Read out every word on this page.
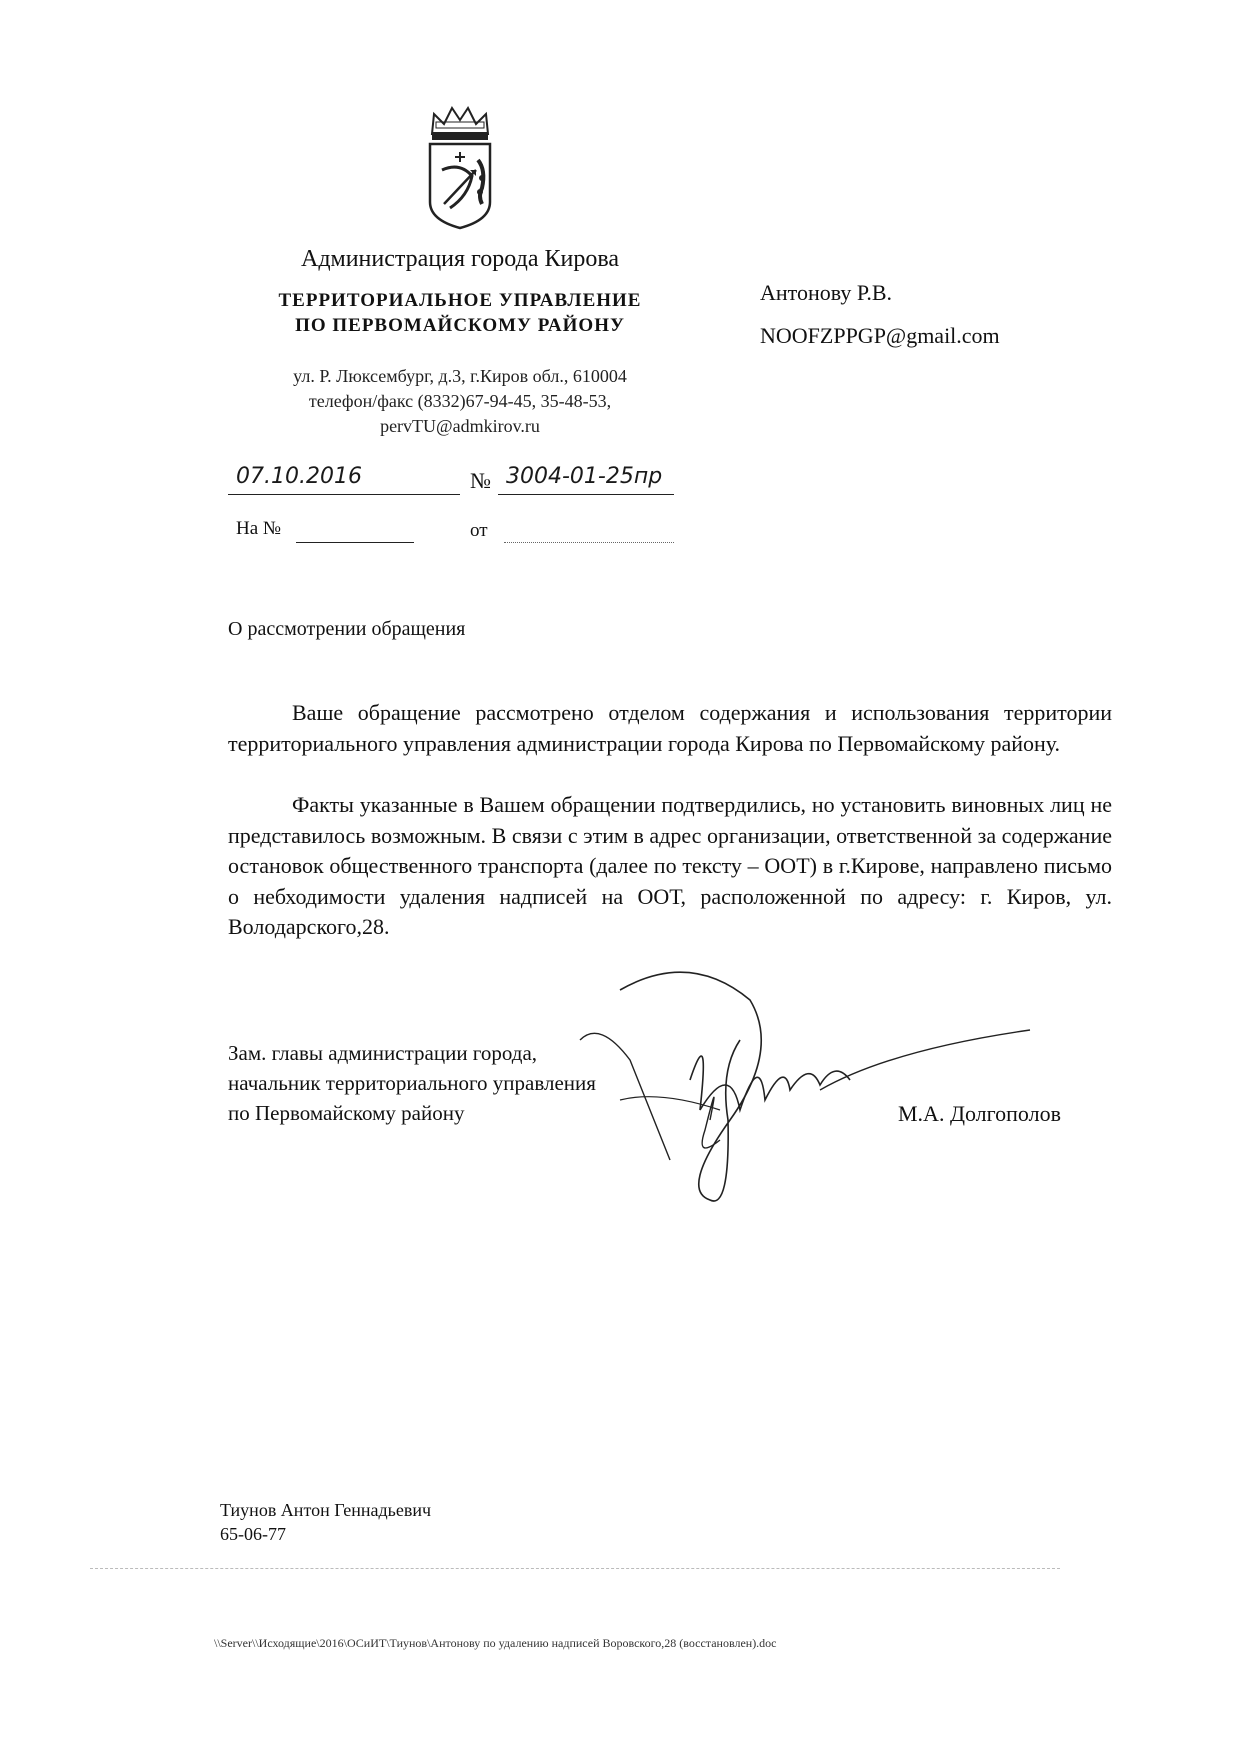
Администрация города Кирова
ТЕРРИТОРИАЛЬНОЕ УПРАВЛЕНИЕ
ПО ПЕРВОМАЙСКОМУ РАЙОНУ
ул. Р. Люксембург, д.3, г.Киров обл., 610004
телефон/факс (8332)67-94-45, 35-48-53,
pervTU@admkirov.ru
Антонову Р.В.
NOOFZPPGP@gmail.com
07.10.2016	№ 3004-01-25пр
На №	от
О рассмотрении обращения

Ваше обращение рассмотрено отделом содержания и использования территории территориального управления администрации города Кирова по Первомайскому району.

Факты указанные в Вашем обращении подтвердились, но установить виновных лиц не представилось возможным. В связи с этим в адрес организации, ответственной за содержание остановок общественного транспорта (далее по тексту – ООТ) в г.Кирове, направлено письмо о небходимости удаления надписей на ООТ, расположенной по адресу: г. Киров, ул. Володарского,28.

Зам. главы администрации города,
начальник территориального управления
по Первомайскому району	М.А. Долгополов
Тиунов Антон Геннадьевич
65-06-77
\\Server\\Исходящие\2016\ОСиИТ\Тиунов\Антонову по удалению надписей Воровского,28 (восстановлен).doc
